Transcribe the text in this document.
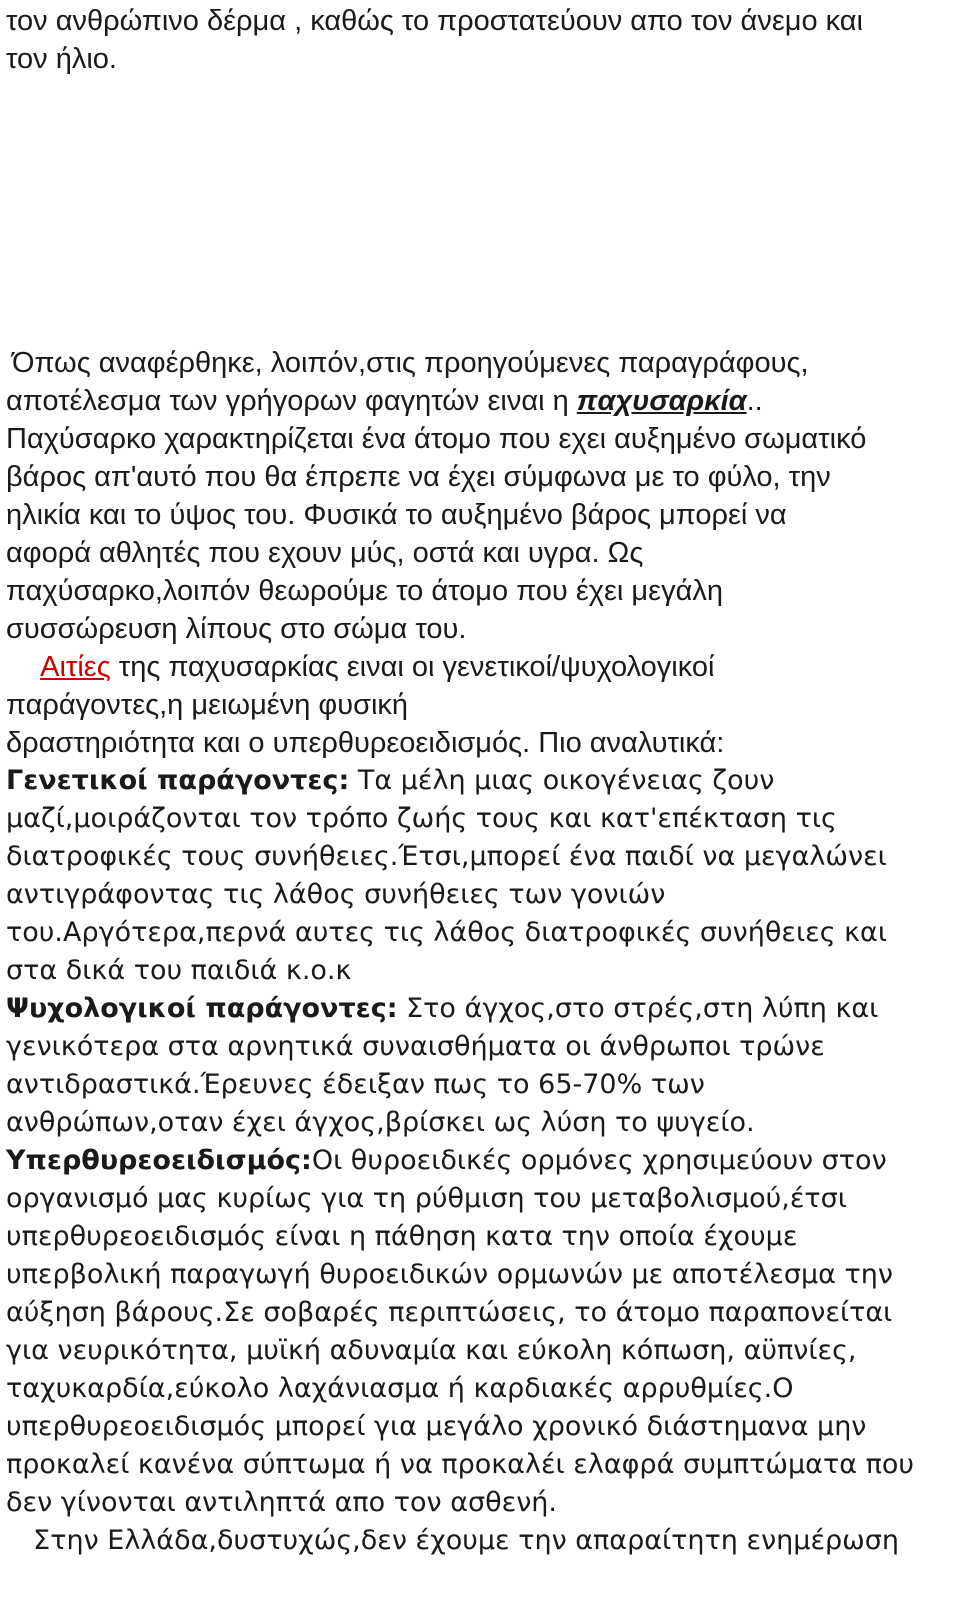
τον ανθρώπινο δέρμα , καθώς το προστατεύουν απο τον άνεμο και
τον ήλιο.
Όπως αναφέρθηκε, λοιπόν,στις προηγούμενες παραγράφους,
αποτέλεσμα των γρήγορων φαγητών ειναι η παχυσαρκία..
Παχύσαρκο χαρακτηρίζεται ένα άτομο που εχει αυξημένο σωματικό
βάρος απ'αυτό που θα έπρεπε να έχει σύμφωνα με το φύλο, την
ηλικία και το ύψος του. Φυσικά το αυξημένο βάρος μπορεί να
αφορά αθλητές που εχουν μύς, οστά και υγρα. Ως
παχύσαρκο,λοιπόν θεωρούμε το άτομο που έχει μεγάλη
συσσώρευση λίπους στο σώμα του.
Αιτίες της παχυσαρκίας ειναι οι γενετικοί/ψυχολογικοί
παράγοντες,η μειωμένη φυσική
δραστηριότητα και ο υπερθυρεοειδισμός. Πιο αναλυτικά:
Γενετικοί παράγοντες: Τα μέλη μιας οικογένειας ζουν
μαζί,μοιράζονται τον τρόπο ζωής τους και κατ'επέκταση τις
διατροφικές τους συνήθειες.Έτσι,μπορεί ένα παιδί να μεγαλώνει
αντιγράφοντας τις λάθος συνήθειες των γονιών
του.Αργότερα,περνά αυτες τις λάθος διατροφικές συνήθειες και
στα δικά του παιδιά κ.ο.κ
Ψυχολογικοί παράγοντες: Στο άγχος,στο στρές,στη λύπη και
γενικότερα στα αρνητικά συναισθήματα οι άνθρωποι τρώνε
αντιδραστικά.Έρευνες έδειξαν πως το 65-70% των
ανθρώπων,οταν έχει άγχος,βρίσκει ως λύση το ψυγείο.
Υπερθυρεοειδισμός:Οι θυροειδικές ορμόνες χρησιμεύουν στον
οργανισμό μας κυρίως για τη ρύθμιση του μεταβολισμού,έτσι
υπερθυρεοειδισμός είναι η πάθηση κατα την οποία έχουμε
υπερβολική παραγωγή θυροειδικών ορμωνών με αποτέλεσμα την
αύξηση βάρους.Σε σοβαρές περιπτώσεις, το άτομο παραπονείται
για νευρικότητα, μυϊκή αδυναμία και εύκολη κόπωση, αϋπνίες,
ταχυκαρδία,εύκολο λαχάνιασμα ή καρδιακές αρρυθμίες.Ο
υπερθυρεοειδισμός μπορεί για μεγάλο χρονικό διάστημανα μην
προκαλεί κανένα σύπτωμα ή να προκαλέι ελαφρά συμπτώματα που
δεν γίνονται αντιληπτά απο τον ασθενή.
Στην Ελλάδα,δυστυχώς,δεν έχουμε την απαραίτητη ενημέρωση
